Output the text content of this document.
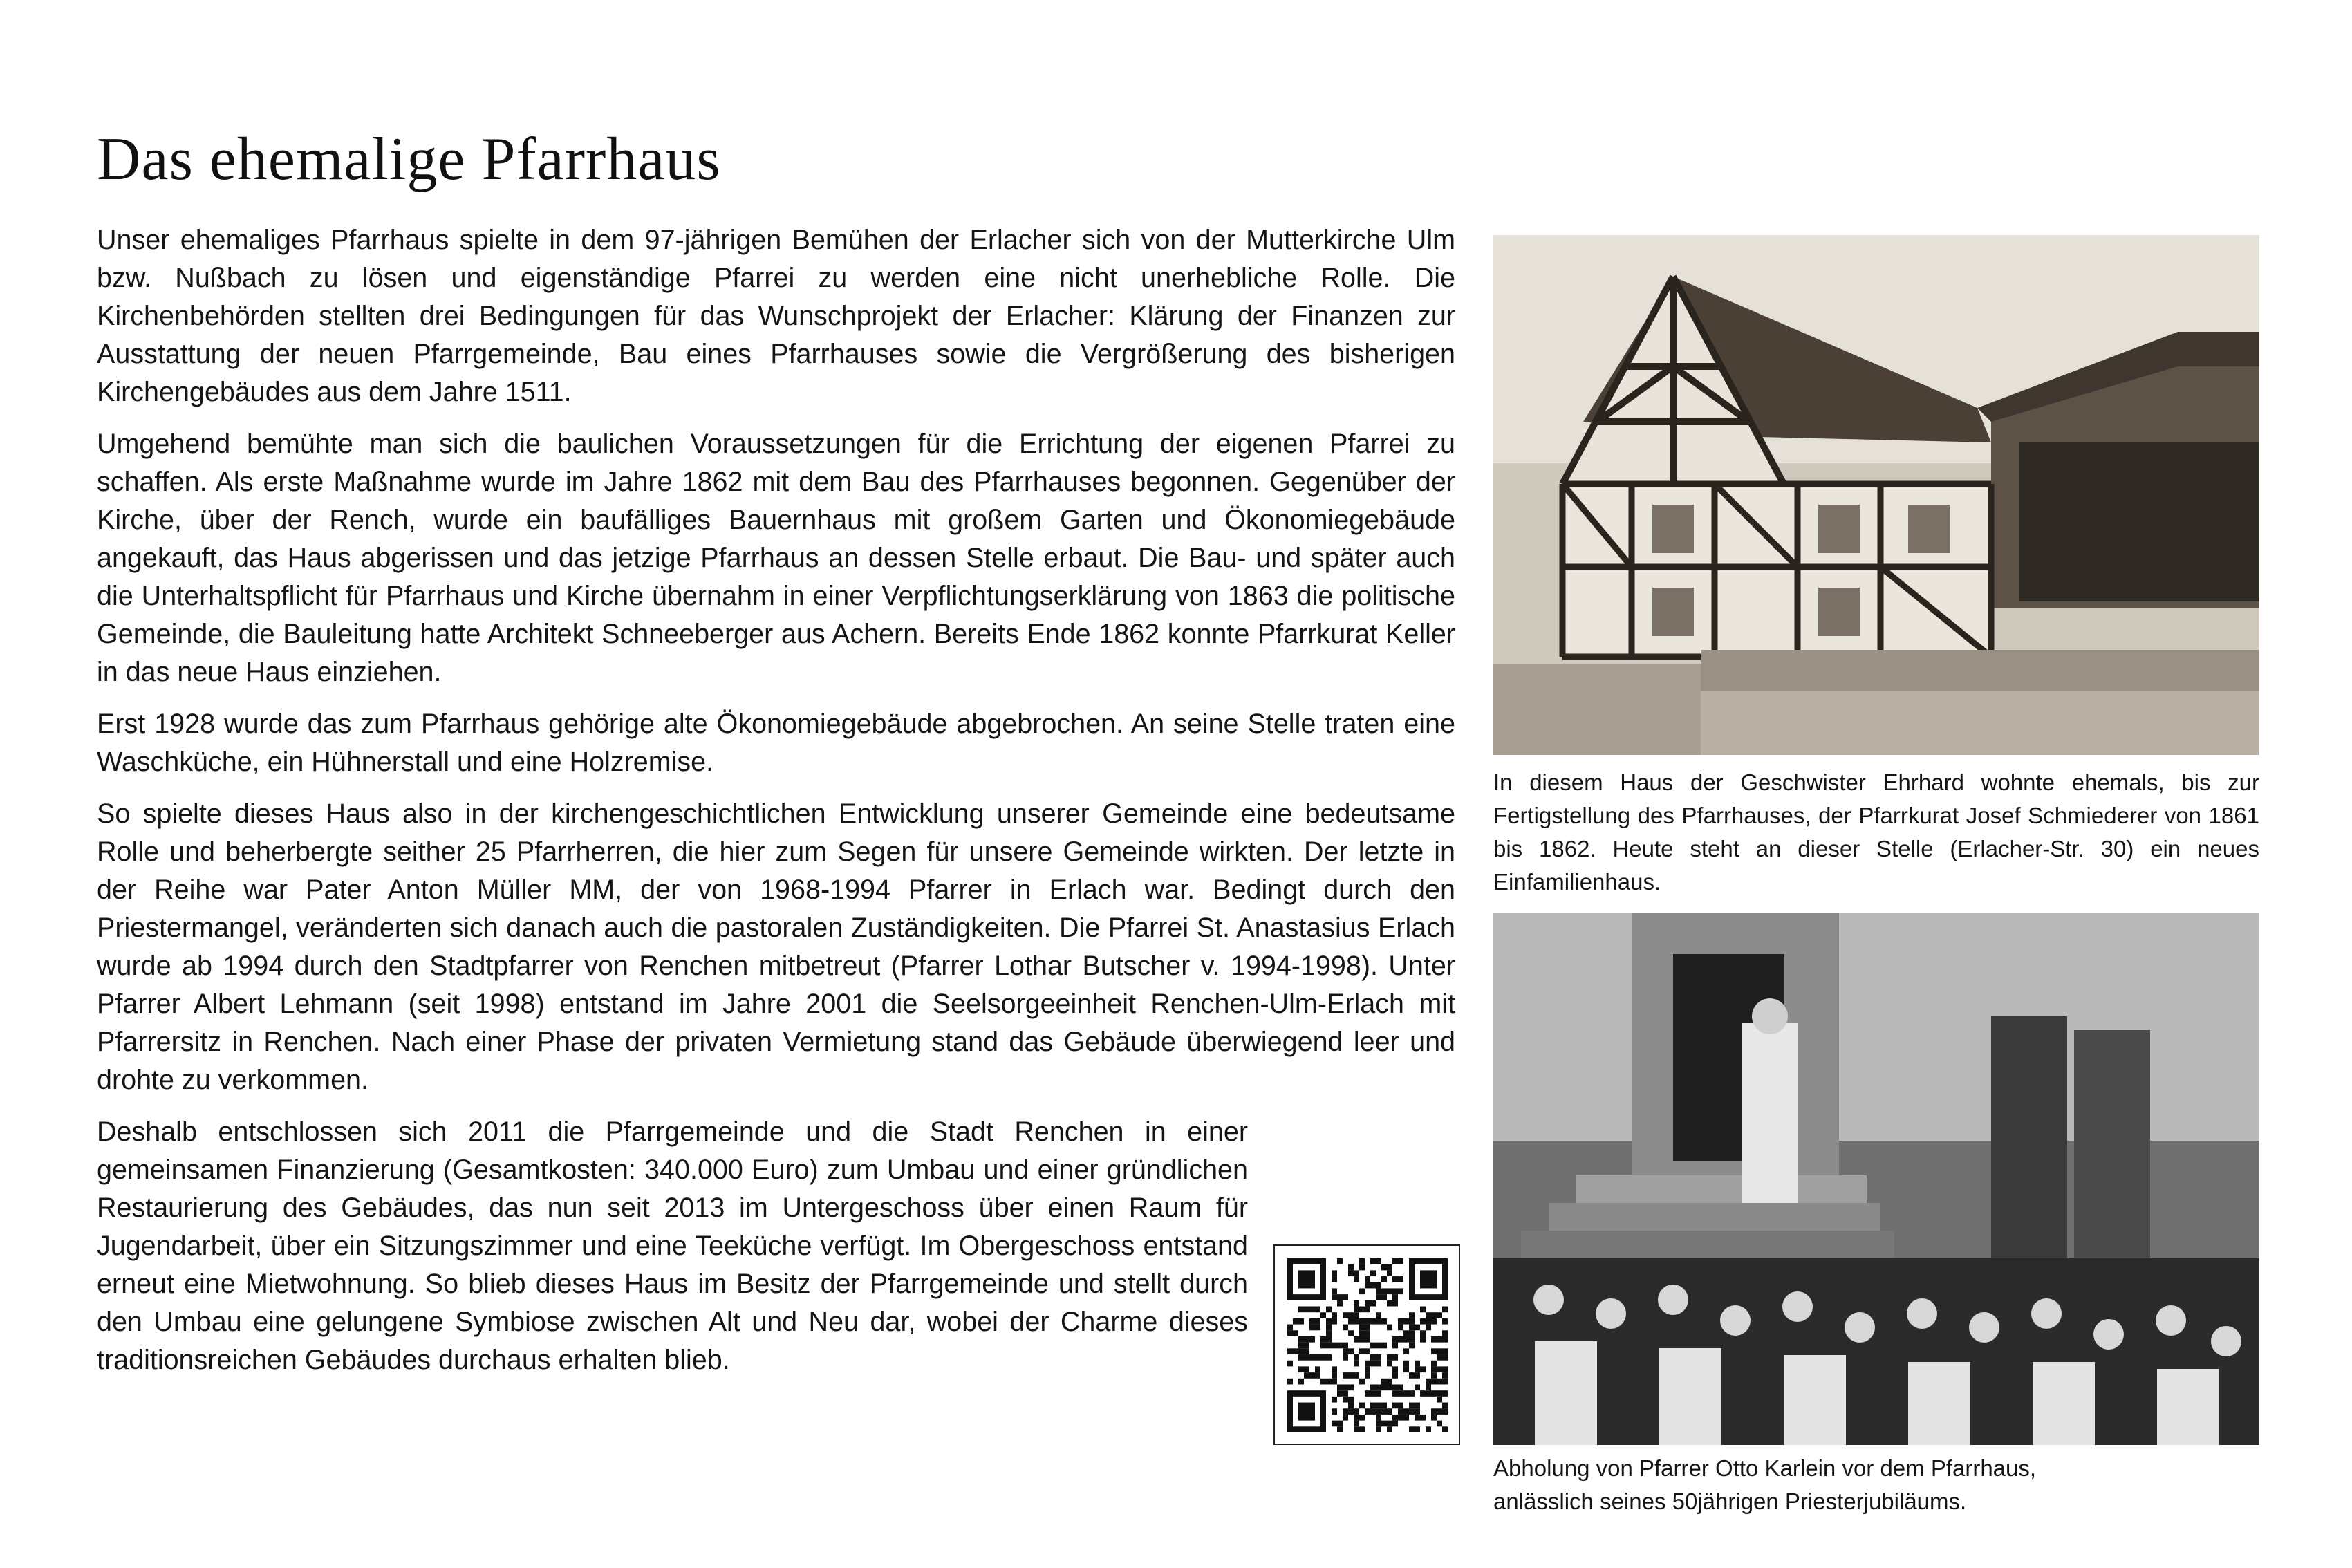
Das ehemalige Pfarrhaus

Unser ehemaliges Pfarrhaus spielte in dem 97-jährigen Bemühen der Erlacher sich von der Mutterkirche Ulm bzw. Nußbach zu lösen und eigenständige Pfarrei zu werden eine nicht unerhebliche Rolle. Die Kirchenbehörden stellten drei Bedingungen für das Wunschprojekt der Erlacher: Klärung der Finanzen zur Ausstattung der neuen Pfarrgemeinde, Bau eines Pfarrhauses sowie die Vergrößerung des bisherigen Kirchengebäudes aus dem Jahre 1511.

Umgehend bemühte man sich die baulichen Voraussetzungen für die Errichtung der eigenen Pfarrei zu schaffen. Als erste Maßnahme wurde im Jahre 1862 mit dem Bau des Pfarrhauses begonnen. Gegenüber der Kirche, über der Rench, wurde ein baufälliges Bauernhaus mit großem Garten und Ökonomiegebäude angekauft, das Haus abgerissen und das jetzige Pfarrhaus an dessen Stelle erbaut. Die Bau- und später auch die Unterhaltspflicht für Pfarrhaus und Kirche übernahm in einer Verpflichtungserklärung von 1863 die politische Gemeinde, die Bauleitung hatte Architekt Schneeberger aus Achern. Bereits Ende 1862 konnte Pfarrkurat Keller in das neue Haus einziehen.

Erst 1928 wurde das zum Pfarrhaus gehörige alte Ökonomiegebäude abgebrochen. An seine Stelle traten eine Waschküche, ein Hühnerstall und eine Holzremise.

So spielte dieses Haus also in der kirchengeschichtlichen Entwicklung unserer Gemeinde eine bedeutsame Rolle und beherbergte seither 25 Pfarrherren, die hier zum Segen für unsere Gemeinde wirkten. Der letzte in der Reihe war Pater Anton Müller MM, der von 1968-1994 Pfarrer in Erlach war. Bedingt durch den Priestermangel, veränderten sich danach auch die pastoralen Zuständigkeiten. Die Pfarrei St. Anastasius Erlach wurde ab 1994 durch den Stadtpfarrer von Renchen mitbetreut (Pfarrer Lothar Butscher v. 1994-1998). Unter Pfarrer Albert Lehmann (seit 1998) entstand im Jahre 2001 die Seelsorgeeinheit Renchen-Ulm-Erlach mit Pfarrersitz in Renchen. Nach einer Phase der privaten Vermietung stand das Gebäude überwiegend leer und drohte zu verkommen.

Deshalb entschlossen sich 2011 die Pfarrgemeinde und die Stadt Renchen in einer gemeinsamen Finanzierung (Gesamtkosten: 340.000 Euro) zum Umbau und einer gründlichen Restaurierung des Gebäudes, das nun seit 2013 im Untergeschoss über einen Raum für Jugendarbeit, über ein Sitzungszimmer und eine Teeküche verfügt. Im Obergeschoss entstand erneut eine Mietwohnung. So blieb dieses Haus im Besitz der Pfarrgemeinde und stellt durch den Umbau eine gelungene Symbiose zwischen Alt und Neu dar, wobei der Charme dieses traditionsreichen Gebäudes durchaus erhalten blieb.

In diesem Haus der Geschwister Ehrhard wohnte ehemals, bis zur Fertigstellung des Pfarrhauses, der Pfarrkurat Josef Schmiederer von 1861 bis 1862. Heute steht an dieser Stelle (Erlacher-Str. 30) ein neues Einfamilienhaus.
Abholung von Pfarrer Otto Karlein vor dem Pfarrhaus,
anlässlich seines 50jährigen Priesterjubiläums.
